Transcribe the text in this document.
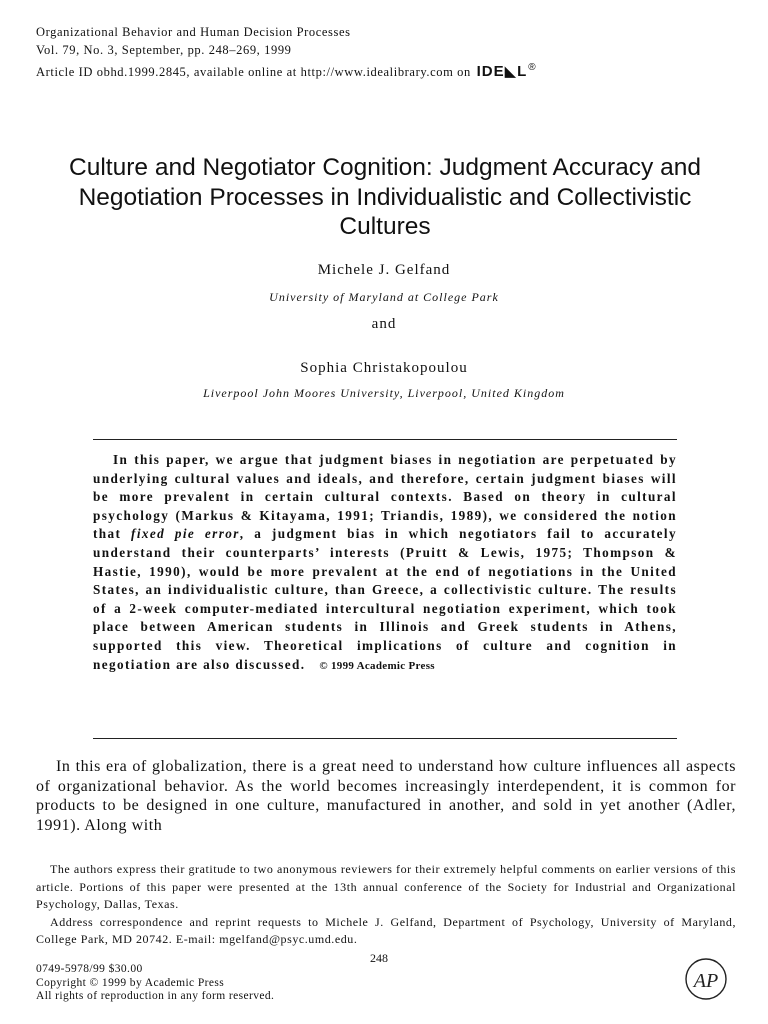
Organizational Behavior and Human Decision Processes
Vol. 79, No. 3, September, pp. 248–269, 1999
Article ID obhd.1999.2845, available online at http://www.idealibrary.com on IDE◣L®
Culture and Negotiator Cognition: Judgment Accuracy and Negotiation Processes in Individualistic and Collectivistic Cultures
Michele J. Gelfand
University of Maryland at College Park
and
Sophia Christakopoulou
Liverpool John Moores University, Liverpool, United Kingdom
In this paper, we argue that judgment biases in negotiation are perpetuated by underlying cultural values and ideals, and therefore, certain judgment biases will be more prevalent in certain cultural contexts. Based on theory in cultural psychology (Markus & Kitayama, 1991; Triandis, 1989), we considered the notion that fixed pie error, a judgment bias in which negotiators fail to accurately understand their counterparts’ interests (Pruitt & Lewis, 1975; Thompson & Hastie, 1990), would be more prevalent at the end of negotiations in the United States, an individualistic culture, than Greece, a collectivistic culture. The results of a 2-week computer-mediated intercultural negotiation experiment, which took place between American students in Illinois and Greek students in Athens, supported this view. Theoretical implications of culture and cognition in negotiation are also discussed. © 1999 Academic Press
In this era of globalization, there is a great need to understand how culture influences all aspects of organizational behavior. As the world becomes increasingly interdependent, it is common for products to be designed in one culture, manufactured in another, and sold in yet another (Adler, 1991). Along with

The authors express their gratitude to two anonymous reviewers for their extremely helpful comments on earlier versions of this article. Portions of this paper were presented at the 13th annual conference of the Society for Industrial and Organizational Psychology, Dallas, Texas.

Address correspondence and reprint requests to Michele J. Gelfand, Department of Psychology, University of Maryland, College Park, MD 20742. E-mail: mgelfand@psyc.umd.edu.

248
0749-5978/99 $30.00
Copyright © 1999 by Academic Press
All rights of reproduction in any form reserved.
AP
